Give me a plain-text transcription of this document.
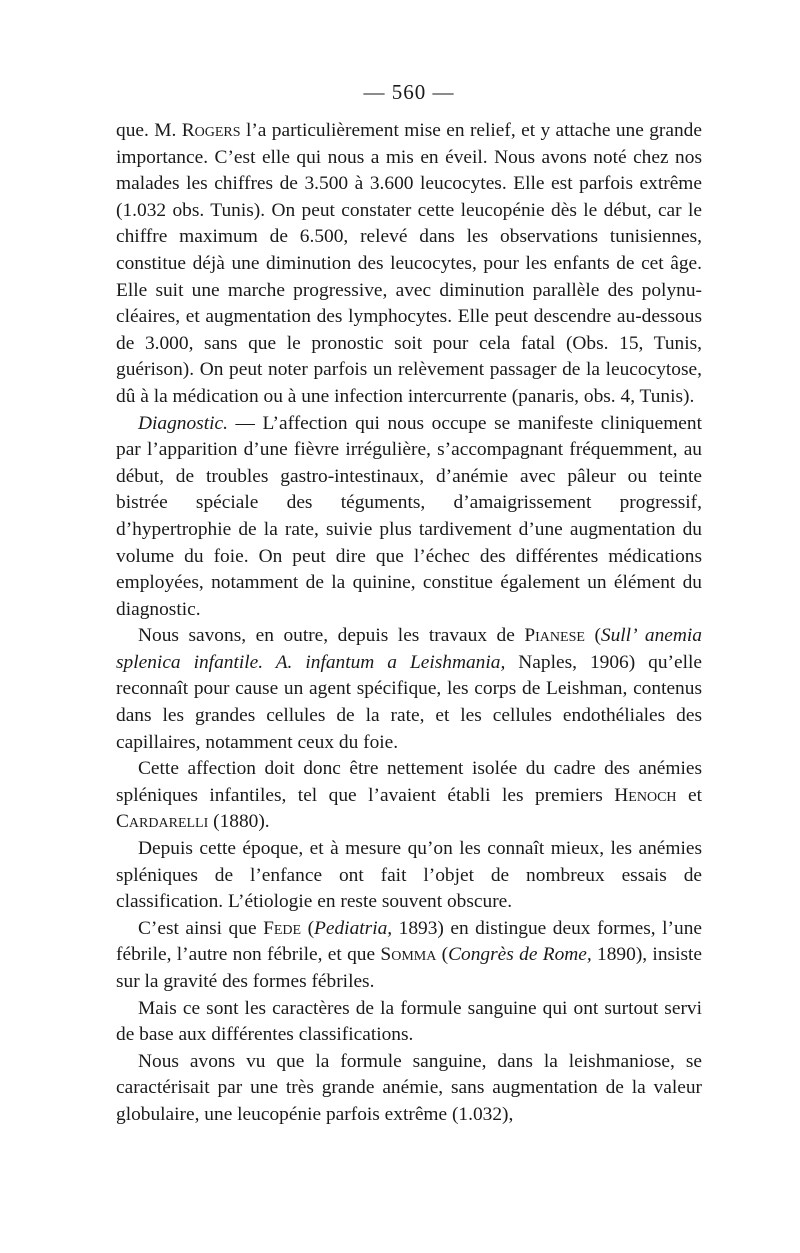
— 560 —

que. M. Rogers l’a particulièrement mise en relief, et y attache une grande importance. C’est elle qui nous a mis en éveil. Nous avons noté chez nos malades les chiffres de 3.500 à 3.600 leucocytes. Elle est parfois extrême (1.032 obs. Tunis). On peut constater cette leucopénie dès le début, car le chiffre maximum de 6.500, relevé dans les observations tunisiennes, constitue déjà une diminution des leucocytes, pour les enfants de cet âge. Elle suit une marche progressive, avec diminution parallèle des polynucléaires, et augmentation des lymphocytes. Elle peut descendre au-dessous de 3.000, sans que le pronostic soit pour cela fatal (Obs. 15, Tunis, guérison). On peut noter parfois un relèvement passager de la leucocytose, dû à la médication ou à une infection intercurrente (panaris, obs. 4, Tunis).

Diagnostic. — L’affection qui nous occupe se manifeste cliniquement par l’apparition d’une fièvre irrégulière, s’accompagnant fréquemment, au début, de troubles gastro-intestinaux, d’anémie avec pâleur ou teinte bistrée spéciale des téguments, d’amaigrissement progressif, d’hypertrophie de la rate, suivie plus tardivement d’une augmentation du volume du foie. On peut dire que l’échec des différentes médications employées, notamment de la quinine, constitue également un élément du diagnostic.

Nous savons, en outre, depuis les travaux de Pianese (Sull’ anemia splenica infantile. A. infantum a Leishmania, Naples, 1906) qu’elle reconnaît pour cause un agent spécifique, les corps de Leishman, contenus dans les grandes cellules de la rate, et les cellules endothéliales des capillaires, notamment ceux du foie.

Cette affection doit donc être nettement isolée du cadre des anémies spléniques infantiles, tel que l’avaient établi les premiers Henoch et Cardarelli (1880).

Depuis cette époque, et à mesure qu’on les connaît mieux, les anémies spléniques de l’enfance ont fait l’objet de nombreux essais de classification. L’étiologie en reste souvent obscure.

C’est ainsi que Fede (Pediatria, 1893) en distingue deux formes, l’une fébrile, l’autre non fébrile, et que Somma (Congrès de Rome, 1890), insiste sur la gravité des formes fébriles.

Mais ce sont les caractères de la formule sanguine qui ont surtout servi de base aux différentes classifications.

Nous avons vu que la formule sanguine, dans la leishmaniose, se caractérisait par une très grande anémie, sans augmentation de la valeur globulaire, une leucopénie parfois extrême (1.032),
